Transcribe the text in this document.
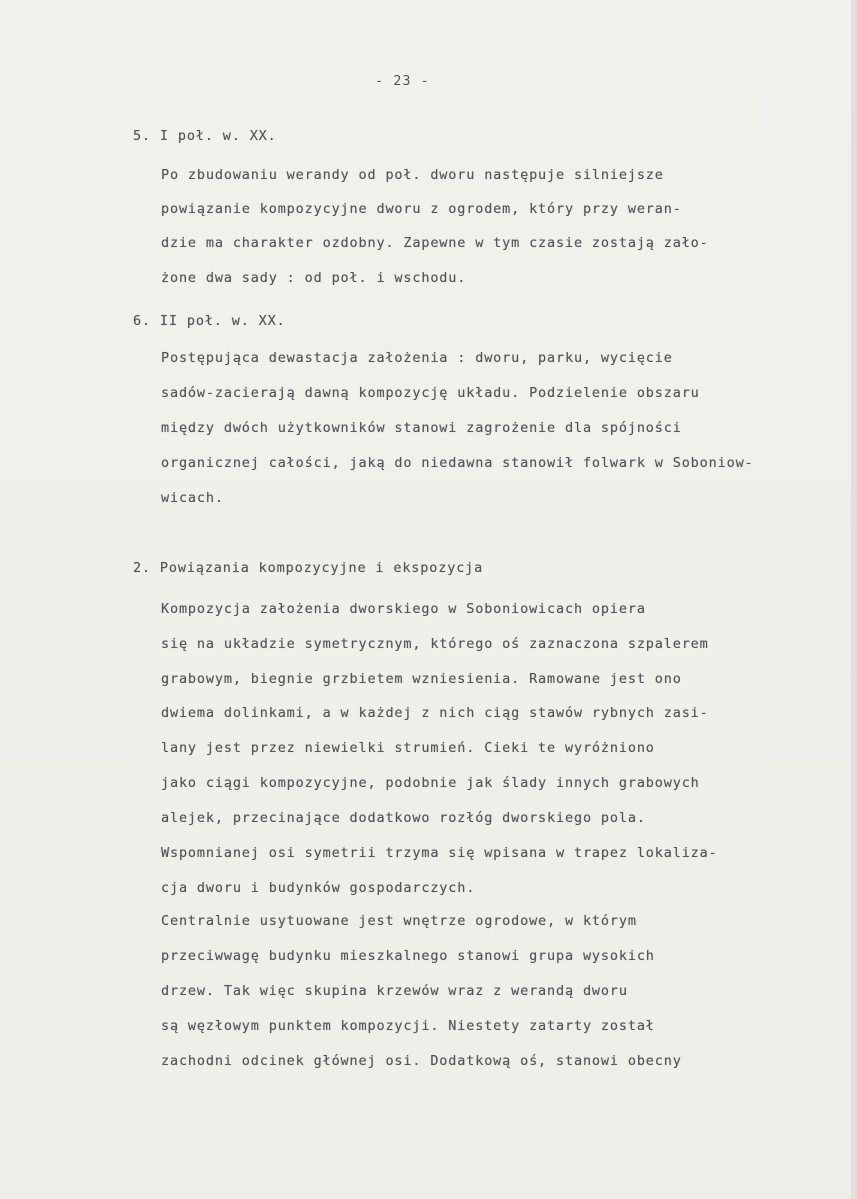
- 23 -
5. I poł. w. XX.
Po zbudowaniu werandy od poł. dworu następuje silniejsze
powiązanie kompozycyjne dworu z ogrodem, który przy weran-
dzie ma charakter ozdobny. Zapewne w tym czasie zostają zało-
żone dwa sady : od poł. i wschodu.
6. II poł. w. XX.
Postępująca dewastacja założenia : dworu, parku, wycięcie
sadów-zacierają dawną kompozycję układu. Podzielenie obszaru
między dwóch użytkowników stanowi zagrożenie dla spójności
organicznej całości, jaką do niedawna stanowił folwark w Soboniow-
wicach.
2. Powiązania kompozycyjne i ekspozycja
Kompozycja założenia dworskiego w Soboniowicach opiera
się na układzie symetrycznym, którego oś zaznaczona szpalerem
grabowym, biegnie grzbietem wzniesienia. Ramowane jest ono
dwiema dolinkami, a w każdej z nich ciąg stawów rybnych zasi-
lany jest przez niewielki strumień. Cieki te wyróżniono
jako ciągi kompozycyjne, podobnie jak ślady innych grabowych
alejek, przecinające dodatkowo rozłóg dworskiego pola.
Wspomnianej osi symetrii trzyma się wpisana w trapez lokaliza-
cja dworu i budynków gospodarczych.
Centralnie usytuowane jest wnętrze ogrodowe, w którym
przeciwwagę budynku mieszkalnego stanowi grupa wysokich
drzew. Tak więc skupina krzewów wraz z werandą dworu
są węzłowym punktem kompozycji. Niestety zatarty został
zachodni odcinek głównej osi. Dodatkową oś, stanowi obecny
